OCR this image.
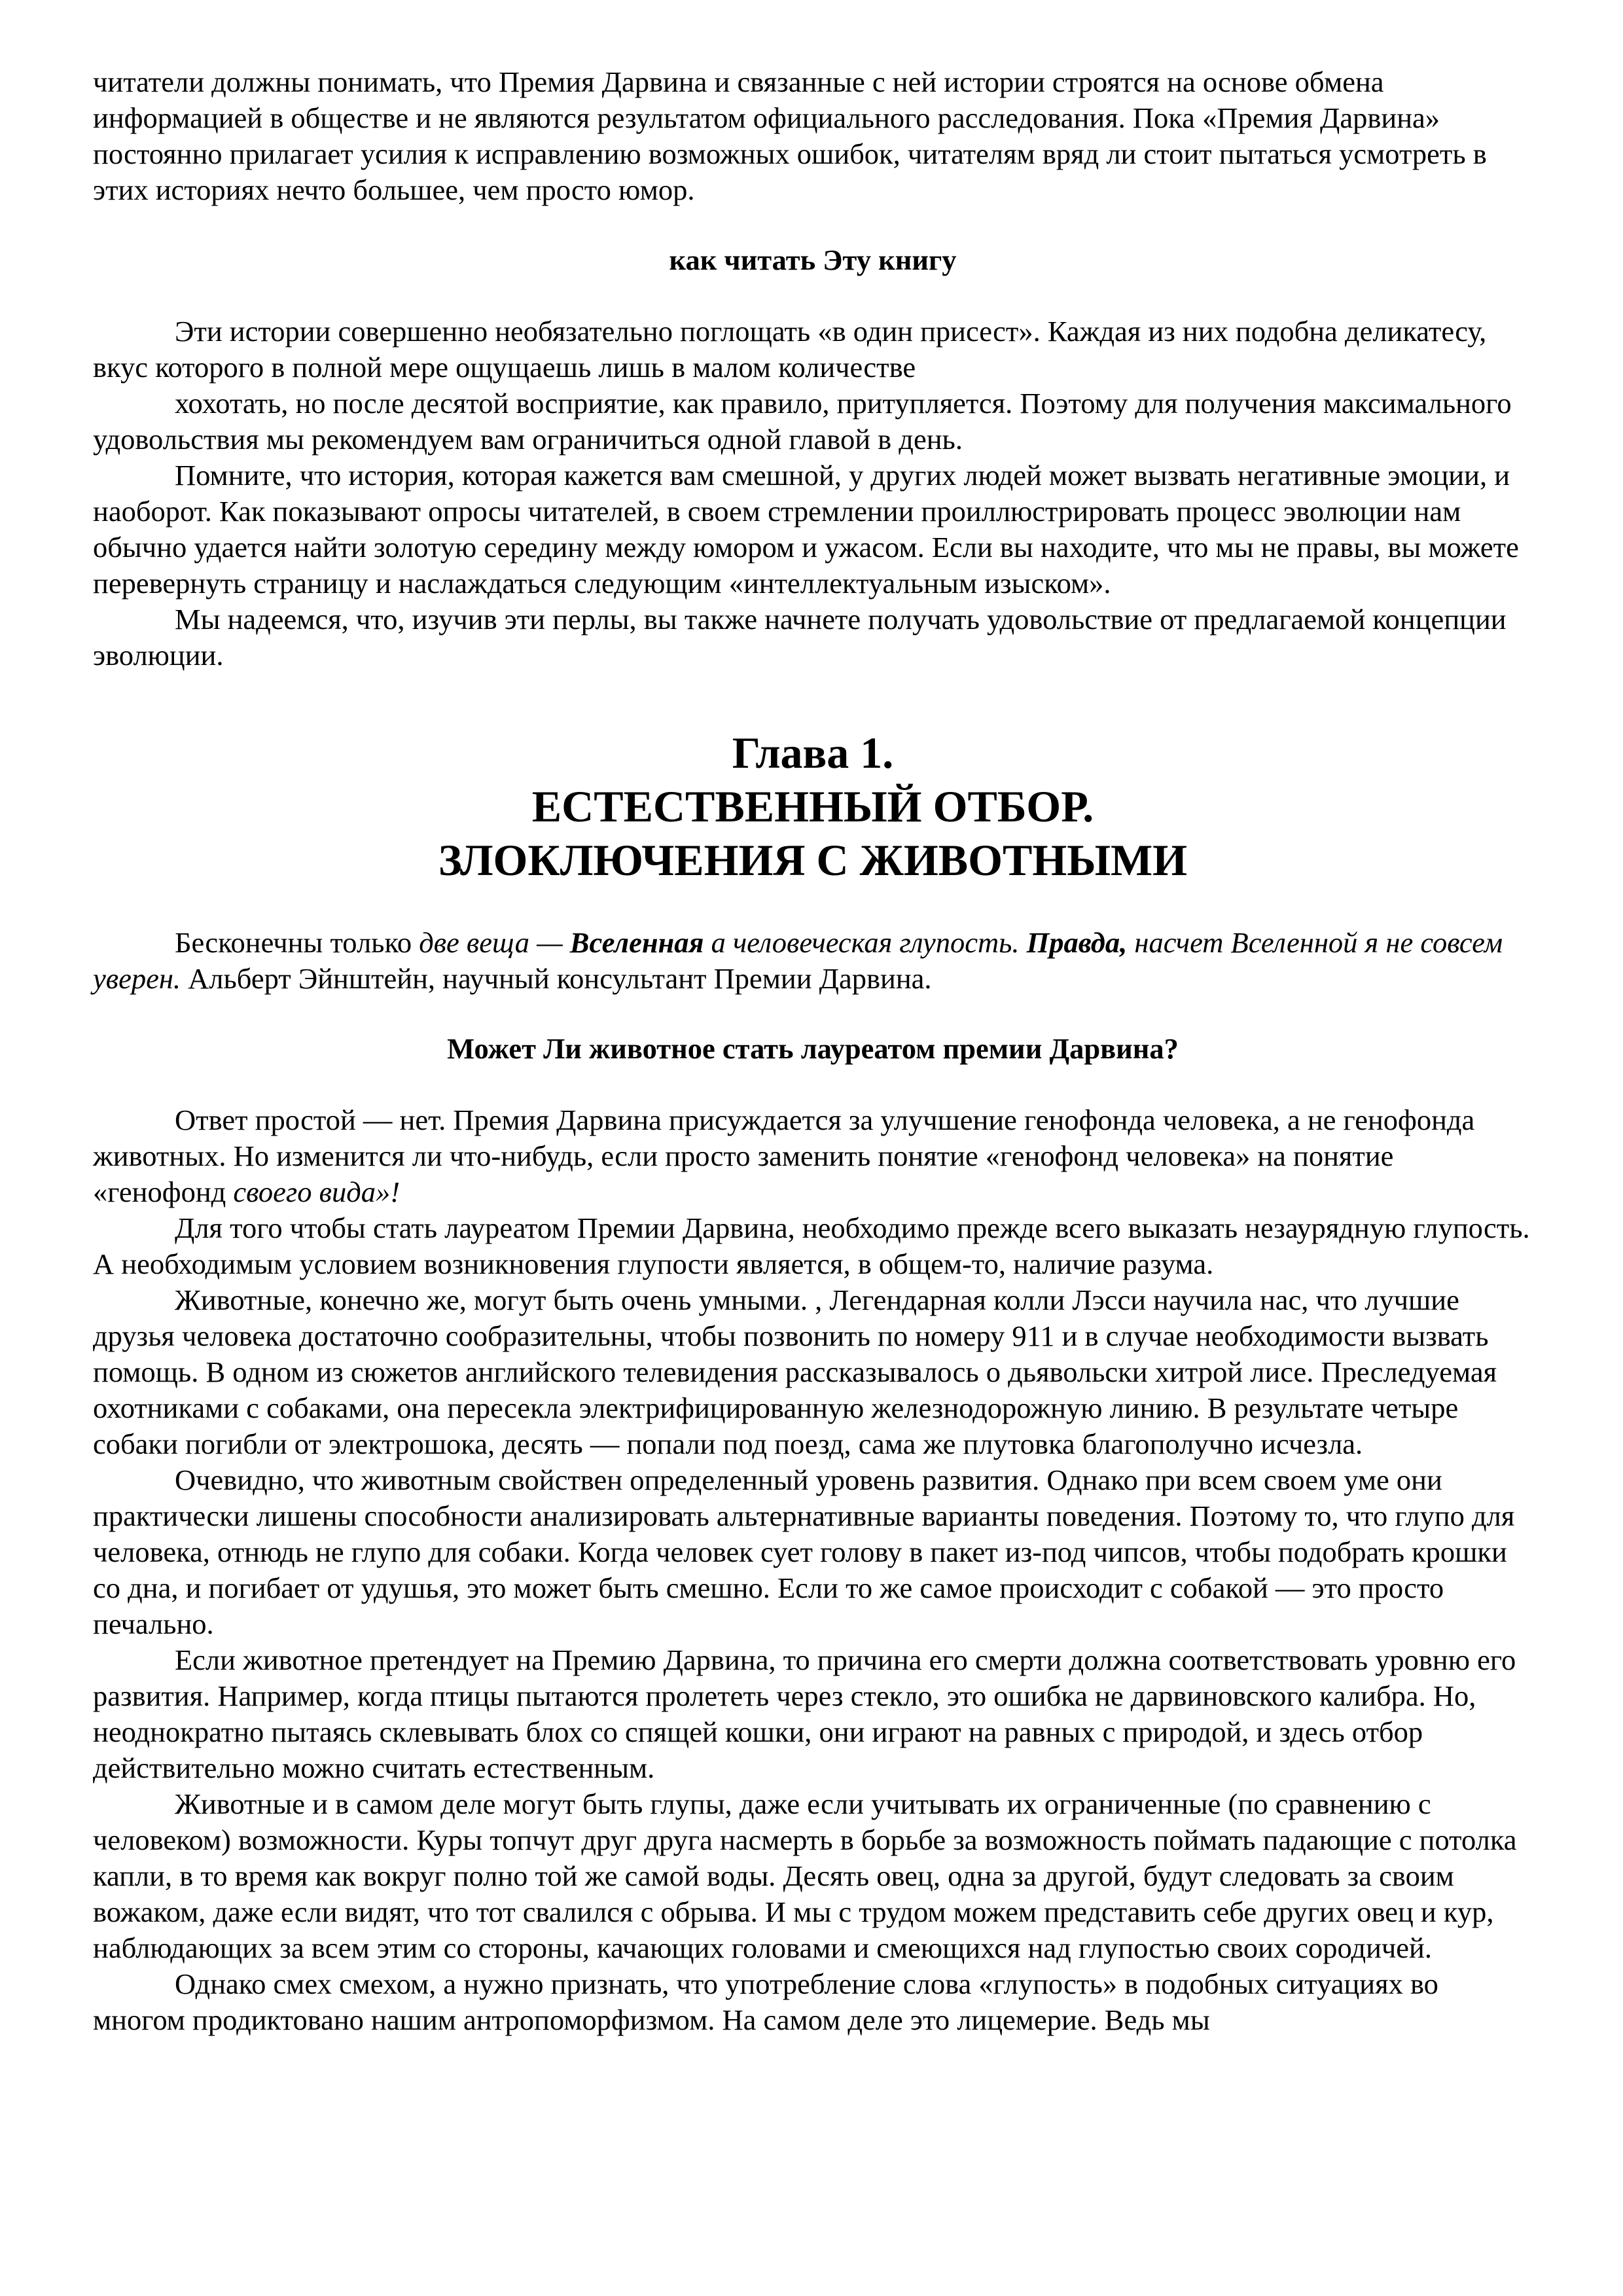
читатели должны понимать, что Премия Дарвина и связанные с ней истории строятся на основе обмена информацией в обществе и не являются результатом официального расследования. Пока «Премия Дарвина» постоянно прилагает усилия к исправлению возможных ошибок, читателям вряд ли стоит пытаться усмотреть в этих историях нечто большее, чем просто юмор.

как читать Эту книгу

Эти истории совершенно необязательно поглощать «в один присест». Каждая из них подобна деликатесу, вкус которого в полной мере ощущаешь лишь в малом количестве

хохотать, но после десятой восприятие, как правило, притупляется. Поэтому для получения максимального удовольствия мы рекомендуем вам ограничиться одной главой в день.

Помните, что история, которая кажется вам смешной, у других людей может вызвать негативные эмоции, и наоборот. Как показывают опросы читателей, в своем стремлении проиллюстрировать процесс эволюции нам обычно удается найти золотую середину между юмором и ужасом. Если вы находите, что мы не правы, вы можете перевернуть страницу и наслаждаться следующим «интеллектуальным изыском».

Мы надеемся, что, изучив эти перлы, вы также начнете получать удовольствие от предлагаемой концепции эволюции.

Глава 1.

ЕСТЕСТВЕННЫЙ ОТБОР.

ЗЛОКЛЮЧЕНИЯ С ЖИВОТНЫМИ

Бесконечны только две веща — Вселенная а человеческая глупость. Правда, насчет Вселенной я не совсем уверен. Альберт Эйнштейн, научный консультант Премии Дарвина.

Может Ли животное стать лауреатом премии Дарвина?

Ответ простой — нет. Премия Дарвина присуждается за улучшение генофонда человека, а не генофонда животных. Но изменится ли что-нибудь, если просто заменить понятие «генофонд человека» на понятие «генофонд своего вида»!

Для того чтобы стать лауреатом Премии Дарвина, необходимо прежде всего выказать незаурядную глупость. А необходимым условием возникновения глупости является, в общем-то, наличие разума.

Животные, конечно же, могут быть очень умными. , Легендарная колли Лэсси научила нас, что лучшие друзья человека достаточно сообразительны, чтобы позвонить по номеру 911 и в случае необходимости вызвать помощь. В одном из сюжетов английского телевидения рассказывалось о дьявольски хитрой лисе. Преследуемая охотниками с собаками, она пересекла электрифицированную железнодорожную линию. В результате четыре собаки погибли от электрошока, десять — попали под поезд, сама же плутовка благополучно исчезла.

Очевидно, что животным свойствен определенный уровень развития. Однако при всем своем уме они практически лишены способности анализировать альтернативные варианты поведения. Поэтому то, что глупо для человека, отнюдь не глупо для собаки. Когда человек сует голову в пакет из-под чипсов, чтобы подобрать крошки со дна, и погибает от удушья, это может быть смешно. Если то же самое происходит с собакой — это просто печально.

Если животное претендует на Премию Дарвина, то причина его смерти должна соответствовать уровню его развития. Например, когда птицы пытаются пролететь через стекло, это ошибка не дарвиновского калибра. Но, неоднократно пытаясь склевывать блох со спящей кошки, они играют на равных с природой, и здесь отбор действительно можно считать естественным.

Животные и в самом деле могут быть глупы, даже если учитывать их ограниченные (по сравнению с человеком) возможности. Куры топчут друг друга насмерть в борьбе за возможность поймать падающие с потолка капли, в то время как вокруг полно той же самой воды. Десять овец, одна за другой, будут следовать за своим вожаком, даже если видят, что тот свалился с обрыва. И мы с трудом можем представить себе других овец и кур, наблюдающих за всем этим со стороны, качающих головами и смеющихся над глупостью своих сородичей.

Однако смех смехом, а нужно признать, что употребление слова «глупость» в подобных ситуациях во многом продиктовано нашим антропоморфизмом. На самом деле это лицемерие. Ведь мы
